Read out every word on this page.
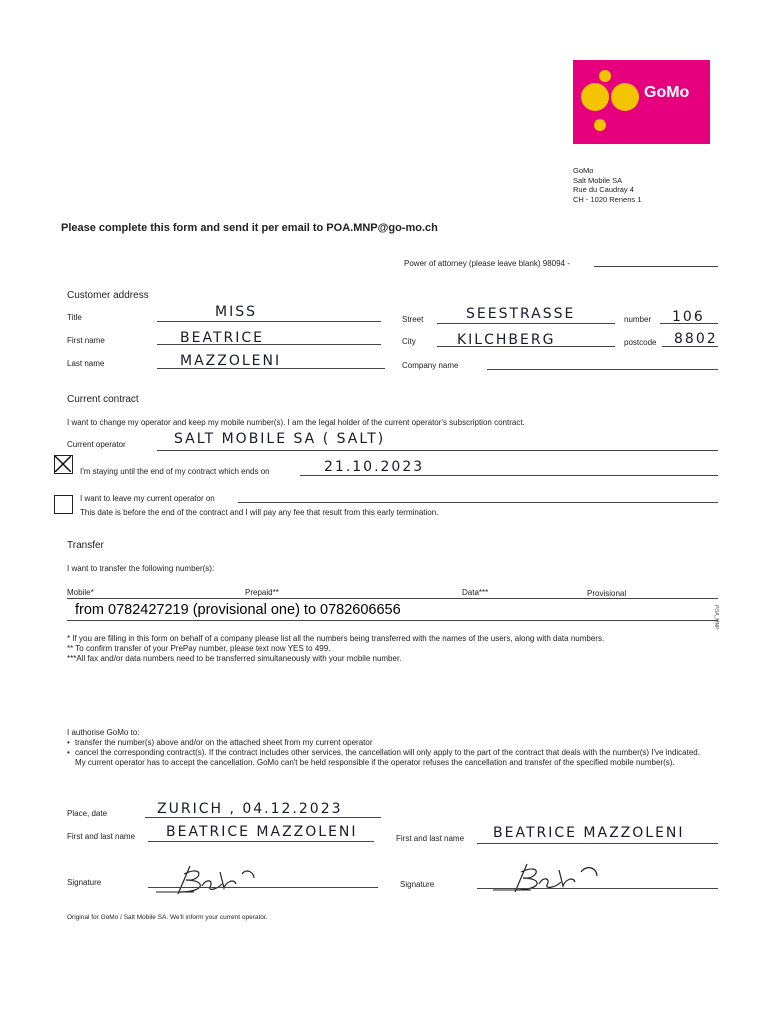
GoMo
GoMo
Salt Mobile SA
Rue du Caudray 4
CH - 1020 Renens 1
Please complete this form and send it per email to POA.MNP@go-mo.ch
Power of attorney (please leave blank) 98094 -
Customer address
Title	MISS
First name	BEATRICE
Last name	MAZZOLENI
Street	SEESTRASSE	number 106
City	KILCHBERG	postcode 8802
Company name
Current contract
I want to change my operator and keep my mobile number(s). I am the legal holder of the current operator's subscription contract.
Current operator	SALT MOBILE SA ( SALT)
I'm staying until the end of my contract which ends on	21.10.2023
I want to leave my current operator on
This date is before the end of the contract and I will pay any fee that result from this early termination.
Transfer
I want to transfer the following number(s):
Mobile*	Prepaid**	Data***	Provisional
from 0782427219 (provisional one) to 0782606656	POA_MNP
* If you are filling in this form on behalf of a company please list all the numbers being transferred with the names of the users, along with data numbers.
** To confirm transfer of your PrePay number, please text now YES to 499.
***All fax and/or data numbers need to be transferred simultaneously with your mobile number.
I authorise GoMo to:
• transfer the number(s) above and/or on the attached sheet from my current operator
• cancel the corresponding contract(s). If the contract includes other services, the cancellation will only apply to the part of the contract that deals with the number(s) I've indicated. My current operator has to accept the cancellation. GoMo can't be held responsible if the operator refuses the cancellation and transfer of the specified mobile number(s).
Place, date	ZURICH , 04.12.2023
First and last name BEATRICE MAZZOLENI	First and last name BEATRICE MAZZOLENI
Signature	Signature
Original for GoMo / Salt Mobile SA. We'll inform your current operator.
